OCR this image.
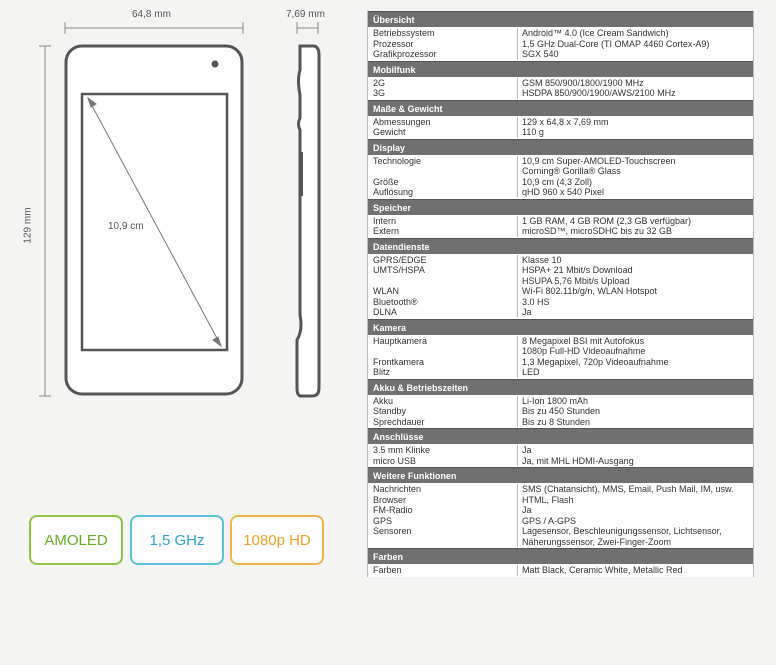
64,8 mm	7,69 mm
129 mm	10,9 cm
AMOLED	1,5 GHz	1080p HD
Übersicht
Betriebssystem	Android™ 4.0 (Ice Cream Sandwich)
Prozessor	1,5 GHz Dual-Core (TI OMAP 4460 Cortex-A9)
Grafikprozessor	SGX 540
Mobilfunk
2G	GSM 850/900/1800/1900 MHz
3G	HSDPA 850/900/1900/AWS/2100 MHz
Maße & Gewicht
Abmessungen	129 x 64,8 x 7,69 mm
Gewicht	110 g
Display
Technologie	10,9 cm Super-AMOLED-Touchscreen
Corning® Gorilla® Glass
Größe	10,9 cm (4,3 Zoll)
Auflösung	qHD 960 x 540 Pixel
Speicher
Intern	1 GB RAM, 4 GB ROM (2,3 GB verfügbar)
Extern	microSD™, microSDHC bis zu 32 GB
Datendienste
GPRS/EDGE	Klasse 10
UMTS/HSPA	HSPA+ 21 Mbit/s Download
HSUPA 5,76 Mbit/s Upload
WLAN	Wi-Fi 802.11b/g/n, WLAN Hotspot
Bluetooth®	3.0 HS
DLNA	Ja
Kamera
Hauptkamera	8 Megapixel BSI mit Autofokus
1080p Full-HD Videoaufnahme
Frontkamera	1,3 Megapixel, 720p Videoaufnahme
Blitz	LED
Akku & Betriebszeiten
Akku	Li-Ion 1800 mAh
Standby	Bis zu 450 Stunden
Sprechdauer	Bis zu 8 Stunden
Anschlüsse
3.5 mm Klinke	Ja
micro USB	Ja, mit MHL HDMI-Ausgang
Weitere Funktionen
Nachrichten	SMS (Chatansicht), MMS, Email, Push Mail, IM, usw.
Browser	HTML, Flash
FM-Radio	Ja
GPS	GPS / A-GPS
Sensoren	Lagesensor, Beschleunigungssensor, Lichtsensor,
Näherungssensor, Zwei-Finger-Zoom
Farben
Farben	Matt Black, Ceramic White, Metallic Red
